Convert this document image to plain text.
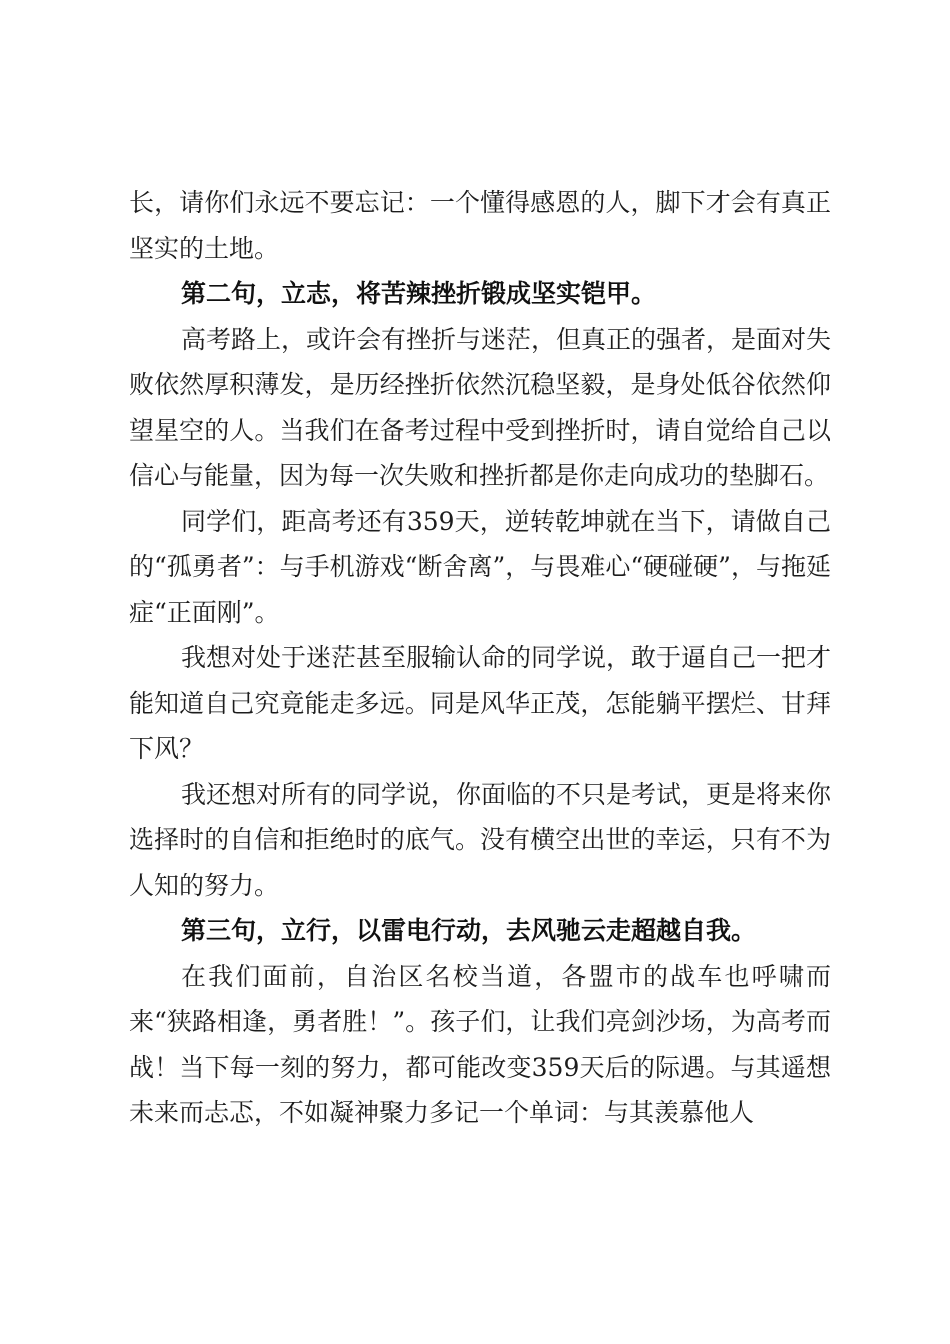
长，请你们永远不要忘记：一个懂得感恩的人，脚下才会有真正坚实的土地。

第二句，立志，将苦辣挫折锻成坚实铠甲。

高考路上，或许会有挫折与迷茫，但真正的强者，是面对失败依然厚积薄发，是历经挫折依然沉稳坚毅，是身处低谷依然仰望星空的人。当我们在备考过程中受到挫折时，请自觉给自己以信心与能量，因为每一次失败和挫折都是你走向成功的垫脚石。

同学们，距高考还有359天，逆转乾坤就在当下，请做自己的“孤勇者”：与手机游戏“断舍离”，与畏难心“硬碰硬”，与拖延症“正面刚”。

我想对处于迷茫甚至服输认命的同学说，敢于逼自己一把才能知道自己究竟能走多远。同是风华正茂，怎能躺平摆烂、甘拜下风？

我还想对所有的同学说，你面临的不只是考试，更是将来你选择时的自信和拒绝时的底气。没有横空出世的幸运，只有不为人知的努力。

第三句，立行，以雷电行动，去风驰云走超越自我。

在我们面前，自治区名校当道，各盟市的战车也呼啸而来“狭路相逢，勇者胜！”。孩子们，让我们亮剑沙场，为高考而战！当下每一刻的努力，都可能改变359天后的际遇。与其遥想未来而忐忑，不如凝神聚力多记一个单词：与其羡慕他人
